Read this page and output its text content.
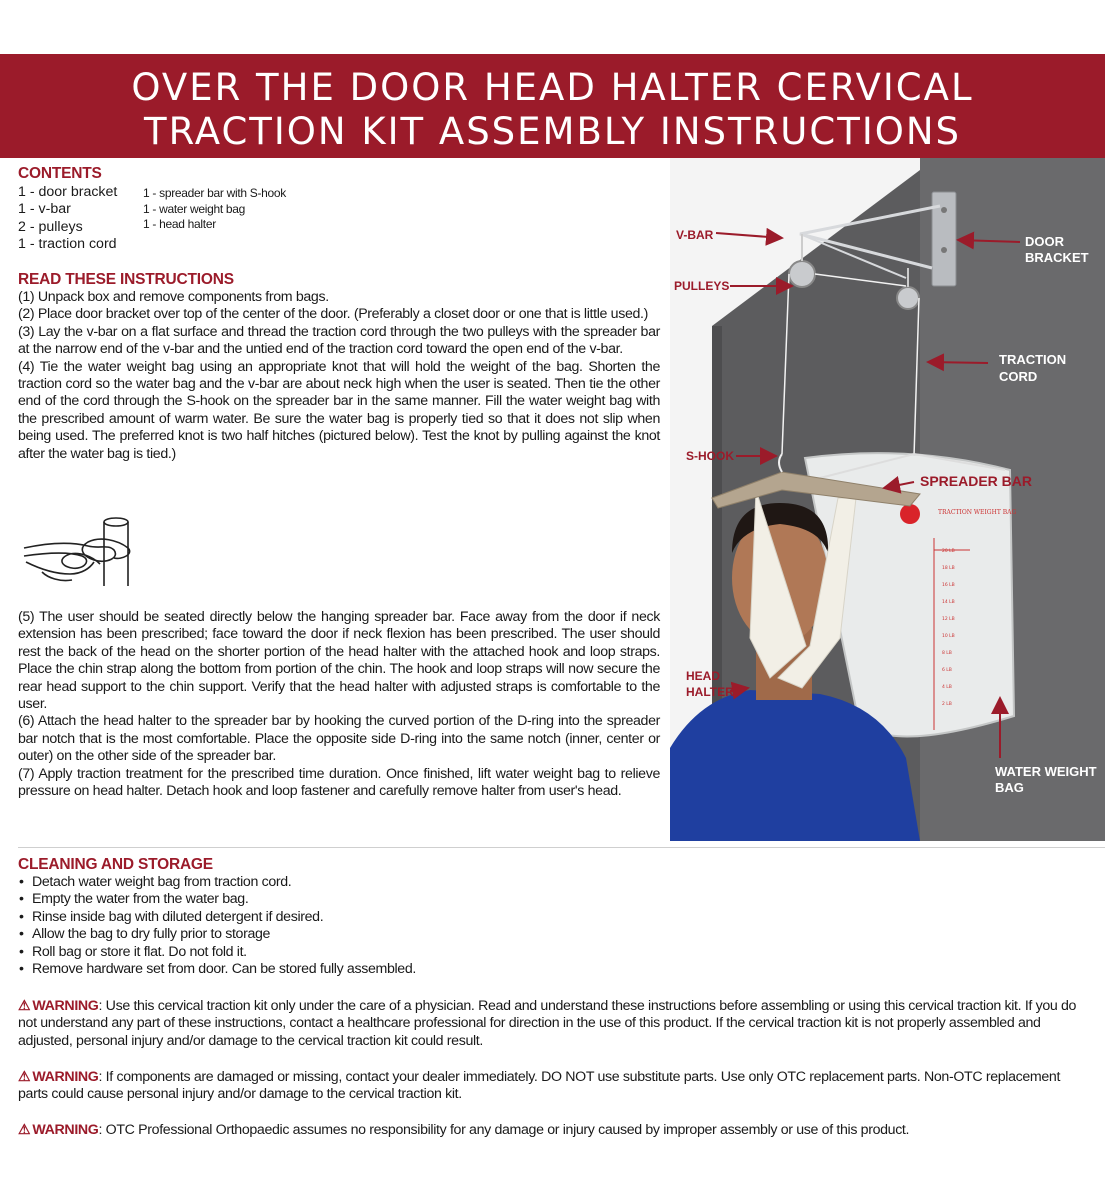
OVER THE DOOR HEAD HALTER CERVICAL
TRACTION KIT ASSEMBLY INSTRUCTIONS
CONTENTS
1 - door bracket
1 - v-bar
2 - pulleys
1 - traction cord
1 - spreader bar with S-hook
1 - water weight bag
1 - head halter
READ THESE INSTRUCTIONS

(1) Unpack box and remove components from bags.

(2) Place door bracket over top of the center of the door. (Preferably a closet door or one that is little used.)

(3) Lay the v-bar on a flat surface and thread the traction cord through the two pulleys with the spreader bar at the narrow end of the v-bar and the untied end of the traction cord toward the open end of the v-bar.

(4) Tie the water weight bag using an appropriate knot that will hold the weight of the bag. Shorten the traction cord so the water bag and the v-bar are about neck high when the user is seated. Then tie the other end of the cord through the S-hook on the spreader bar in the same manner. Fill the water weight bag with the prescribed amount of warm water. Be sure the water bag is properly tied so that it does not slip when being used. The preferred knot is two half hitches (pictured below). Test the knot by pulling against the knot after the water bag is tied.)

(5) The user should be seated directly below the hanging spreader bar. Face away from the door if neck extension has been prescribed; face toward the door if neck flexion has been prescribed. The user should rest the back of the head on the shorter portion of the head halter with the attached hook and loop straps. Place the chin strap along the bottom from portion of the chin. The hook and loop straps will now secure the rear head support to the chin support. Verify that the head halter with adjusted straps is comfortable to the user.

(6) Attach the head halter to the spreader bar by hooking the curved portion of the D-ring into the spreader bar notch that is the most comfortable. Place the opposite side D-ring into the same notch (inner, center or outer) on the other side of the spreader bar.

(7) Apply traction treatment for the prescribed time duration. Once finished, lift water weight bag to relieve pressure on head halter. Detach hook and loop fastener and carefully remove halter from user's head.

TRACTION WEIGHT BAG
20 LB
18 LB
16 LB
14 LB
12 LB
10 LB
8 LB
6 LB
4 LB
2 LB
V-BAR
PULLEYS
S-HOOK
HEAD
HALTER
SPREADER BAR
DOOR
BRACKET
TRACTION
CORD
WATER WEIGHT
BAG
CLEANING AND STORAGE
• Detach water weight bag from traction cord.
• Empty the water from the water bag.
• Rinse inside bag with diluted detergent if desired.
• Allow the bag to dry fully prior to storage
• Roll bag or store it flat. Do not fold it.
• Remove hardware set from door. Can be stored fully assembled.
⚠ WARNING: Use this cervical traction kit only under the care of a physician. Read and understand these instructions before assembling or using this cervical traction kit. If you do not understand any part of these instructions, contact a healthcare professional for direction in the use of this product. If the cervical traction kit is not properly assembled and adjusted, personal injury and/or damage to the cervical traction kit could result.
⚠ WARNING: If components are damaged or missing, contact your dealer immediately. DO NOT use substitute parts. Use only OTC replacement parts. Non-OTC replacement parts could cause personal injury and/or damage to the cervical traction kit.
⚠ WARNING: OTC Professional Orthopaedic assumes no responsibility for any damage or injury caused by improper assembly or use of this product.
